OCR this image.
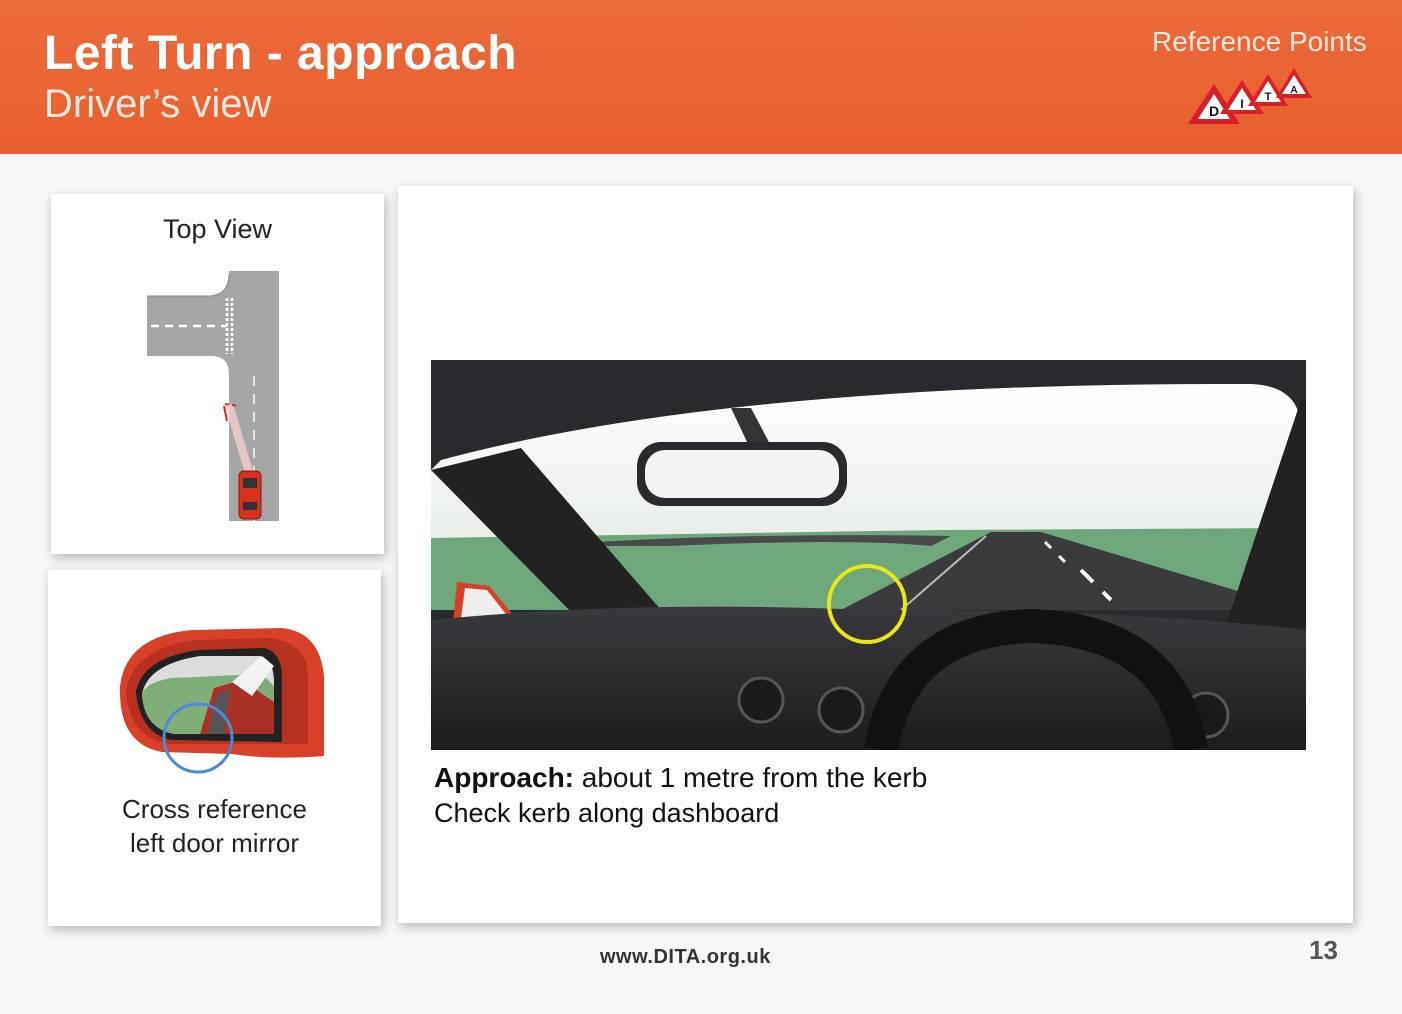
Left Turn - approach
Driver’s view
Reference Points
D I T
A
Top View
Cross reference
left door mirror
Approach: about 1 metre from the kerb
Check kerb along dashboard
www.DITA.org.uk	13
